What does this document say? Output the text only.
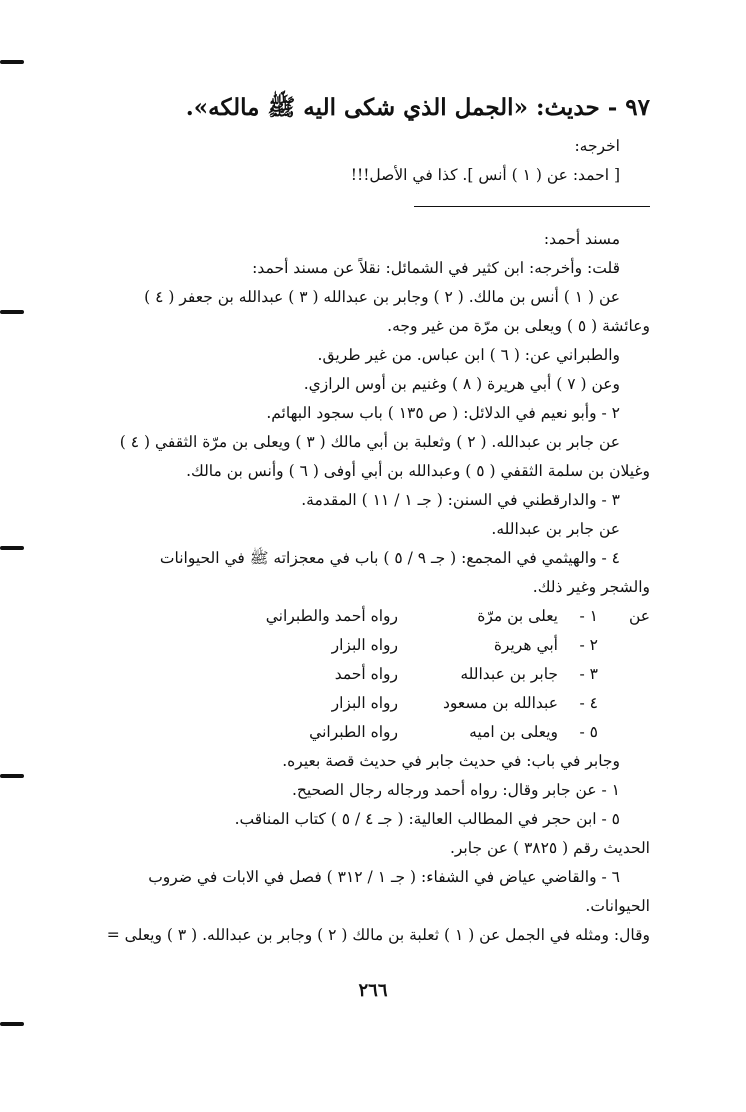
٩٧ - حديث: «الجمل الذي شكى اليه ﷺ مالكه».

اخرجه:

[ احمد: عن ( ١ ) أنس ]. كذا في الأصل!!!

مسند أحمد:

قلت: وأخرجه: ابن كثير في الشمائل: نقلاً عن مسند أحمد:

عن ( ١ ) أنس بن مالك. ( ٢ ) وجابر بن عبدالله ( ٣ ) عبدالله بن جعفر ( ٤ )

وعائشة ( ٥ ) ويعلى بن مرّة من غير وجه.

والطبراني عن: ( ٦ ) ابن عباس. من غير طريق.

وعن ( ٧ ) أبي هريرة ( ٨ ) وغنيم بن أوس الرازي.

٢ - وأبو نعيم في الدلائل: ( ص ١٣٥ ) باب سجود البهائم.

عن جابر بن عبدالله. ( ٢ ) وثعلبة بن أبي مالك ( ٣ ) ويعلى بن مرّة الثقفي ( ٤ )

وغيلان بن سلمة الثقفي ( ٥ ) وعبدالله بن أبي أوفى ( ٦ ) وأنس بن مالك.

٣ - والدارقطني في السنن: ( جـ ١ / ١١ ) المقدمة.

عن جابر بن عبدالله.

٤ - والهيثمي في المجمع: ( جـ ٩ / ٥ ) باب في معجزاته ﷺ في الحيوانات

والشجر وغير ذلك.

عن
١ -
يعلى بن مرّة
رواه أحمد والطبراني
٢ -
أبي هريرة
رواه البزار
٣ -
جابر بن عبدالله
رواه أحمد
٤ -
عبدالله بن مسعود
رواه البزار
٥ -
ويعلى بن اميه
رواه الطبراني

وجابر في باب: في حديث جابر في حديث قصة بعيره.

١ - عن جابر وقال: رواه أحمد ورجاله رجال الصحيح.

٥ - ابن حجر في المطالب العالية: ( جـ ٤ / ٥ ) كتاب المناقب.

الحديث رقم ( ٣٨٢٥ ) عن جابر.

٦ - والقاضي عياض في الشفاء: ( جـ ١ / ٣١٢ ) فصل في الابات في ضروب

الحيوانات.

وقال: ومثله في الجمل عن ( ١ ) ثعلبة بن مالك ( ٢ ) وجابر بن عبدالله. ( ٣ ) ويعلى =

٢٦٦
